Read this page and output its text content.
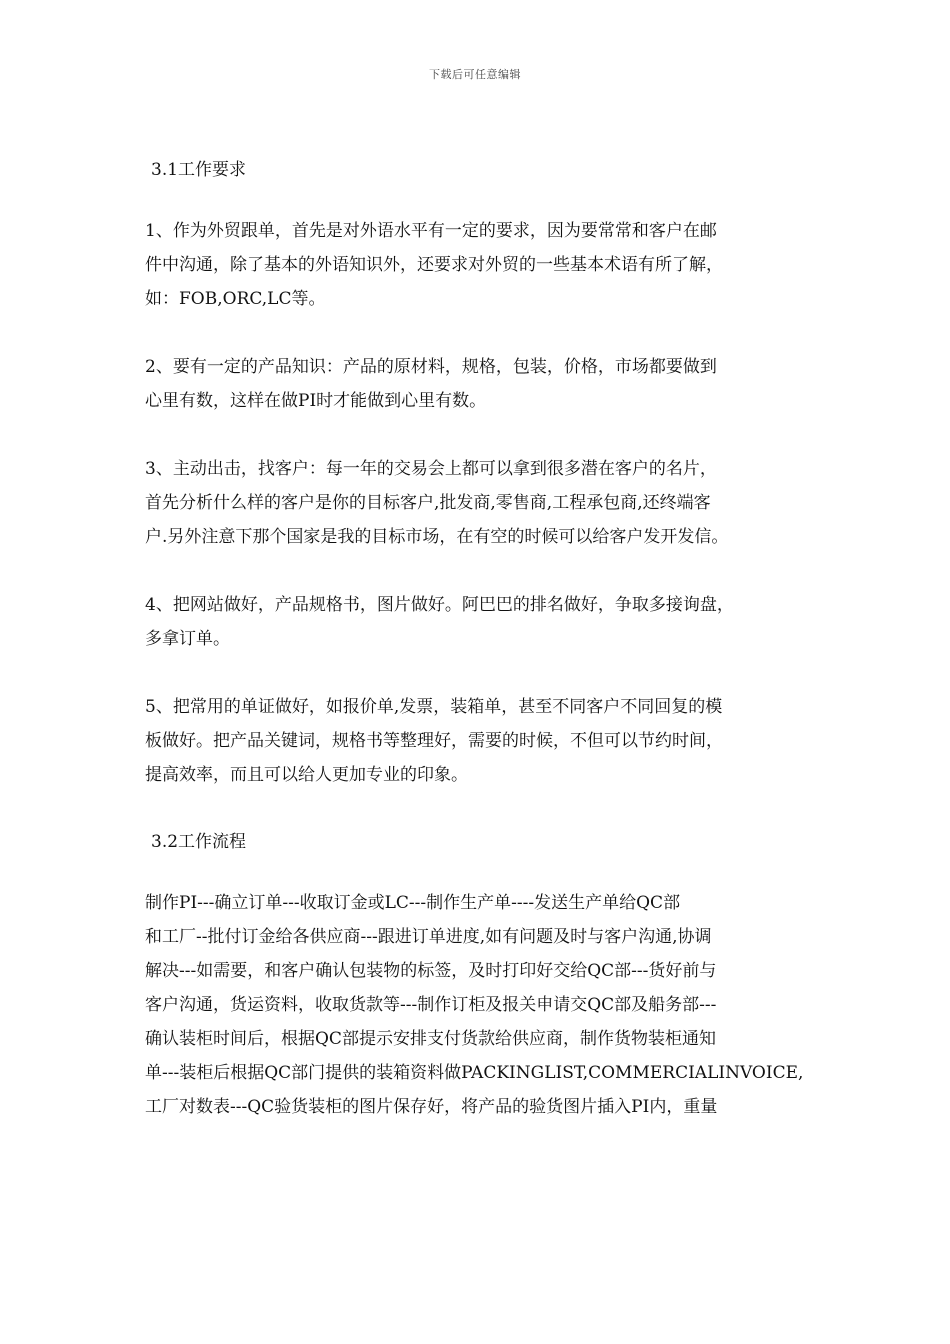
下载后可任意编辑

3.1工作要求

1、作为外贸跟单，首先是对外语水平有一定的要求，因为要常常和客户在邮
件中沟通，除了基本的外语知识外，还要求对外贸的一些基本术语有所了解，
如：FOB,ORC,LC等。

2、要有一定的产品知识：产品的原材料，规格，包装，价格，市场都要做到
心里有数，这样在做PI时才能做到心里有数。

3、主动出击，找客户：每一年的交易会上都可以拿到很多潜在客户的名片，
首先分析什么样的客户是你的目标客户,批发商,零售商,工程承包商,还终端客
户.另外注意下那个国家是我的目标市场，在有空的时候可以给客户发开发信。

4、把网站做好，产品规格书，图片做好。阿巴巴的排名做好，争取多接询盘，
多拿订单。

5、把常用的单证做好，如报价单,发票，装箱单，甚至不同客户不同回复的模
板做好。把产品关键词，规格书等整理好，需要的时候，不但可以节约时间，
提高效率，而且可以给人更加专业的印象。

3.2工作流程

制作PI---确立订单---收取订金或LC---制作生产单----发送生产单给QC部
和工厂--批付订金给各供应商---跟进订单进度,如有问题及时与客户沟通,协调
解决---如需要，和客户确认包装物的标签，及时打印好交给QC部---货好前与
客户沟通，货运资料，收取货款等---制作订柜及报关申请交QC部及船务部---
确认装柜时间后，根据QC部提示安排支付货款给供应商，制作货物装柜通知
单---装柜后根据QC部门提供的装箱资料做PACKINGLIST,COMMERCIALINVOICE,
工厂对数表---QC验货装柜的图片保存好，将产品的验货图片插入PI内，重量
